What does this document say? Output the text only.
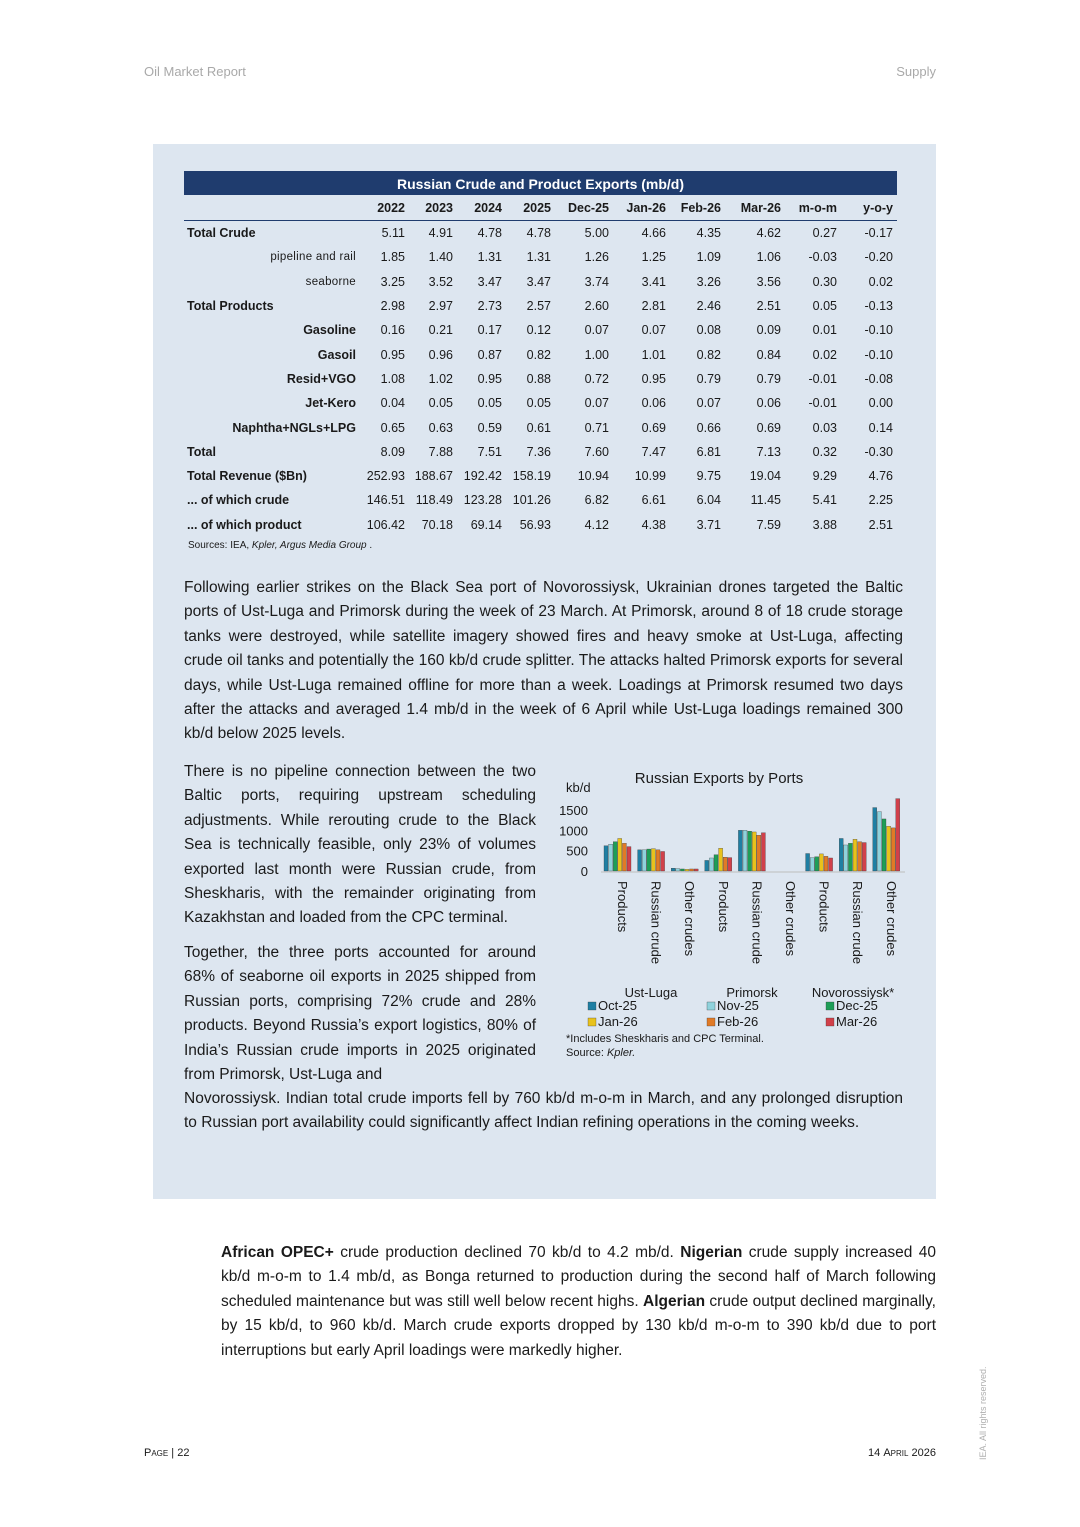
Oil Market Report	Supply
Russian Crude and Product Exports (mb/d)
	2022	2023	2024	2025	Dec-25	Jan-26	Feb-26	Mar-26	m-o-m	y-o-y
Total Crude	5.11	4.91	4.78	4.78	5.00	4.66	4.35	4.62	0.27	-0.17
pipeline and rail	1.85	1.40	1.31	1.31	1.26	1.25	1.09	1.06	-0.03	-0.20
seaborne	3.25	3.52	3.47	3.47	3.74	3.41	3.26	3.56	0.30	0.02
Total Products	2.98	2.97	2.73	2.57	2.60	2.81	2.46	2.51	0.05	-0.13
Gasoline	0.16	0.21	0.17	0.12	0.07	0.07	0.08	0.09	0.01	-0.10
Gasoil	0.95	0.96	0.87	0.82	1.00	1.01	0.82	0.84	0.02	-0.10
Resid+VGO	1.08	1.02	0.95	0.88	0.72	0.95	0.79	0.79	-0.01	-0.08
Jet-Kero	0.04	0.05	0.05	0.05	0.07	0.06	0.07	0.06	-0.01	0.00
Naphtha+NGLs+LPG	0.65	0.63	0.59	0.61	0.71	0.69	0.66	0.69	0.03	0.14
Total	8.09	7.88	7.51	7.36	7.60	7.47	6.81	7.13	0.32	-0.30
Total Revenue ($Bn)	252.93	188.67	192.42	158.19	10.94	10.99	9.75	19.04	9.29	4.76
... of which crude	146.51	118.49	123.28	101.26	6.82	6.61	6.04	11.45	5.41	2.25
... of which product	106.42	70.18	69.14	56.93	4.12	4.38	3.71	7.59	3.88	2.51
Sources: IEA, Kpler, Argus Media Group .

Following earlier strikes on the Black Sea port of Novorossiysk, Ukrainian drones targeted the Baltic ports of Ust-Luga and Primorsk during the week of 23 March. At Primorsk, around 8 of 18 crude storage tanks were destroyed, while satellite imagery showed fires and heavy smoke at Ust-Luga, affecting crude oil tanks and potentially the 160 kb/d crude splitter. The attacks halted Primorsk exports for several days, while Ust-Luga remained offline for more than a week. Loadings at Primorsk resumed two days after the attacks and averaged 1.4 mb/d in the week of 6 April while Ust-Luga loadings remained 300 kb/d below 2025 levels.

There is no pipeline connection between the two Baltic ports, requiring upstream scheduling adjustments. While rerouting crude to the Black Sea is technically feasible, only 23% of volumes exported last month were Russian crude, from Sheskharis, with the remainder originating from Kazakhstan and loaded from the CPC terminal.

Together, the three ports accounted for around 68% of seaborne oil exports in 2025 shipped from Russian ports, comprising 72% crude and 28% products. Beyond Russia’s export logistics, 80% of India’s Russian crude imports in 2025 originated from Primorsk, Ust-Luga and

Novorossiysk. Indian total crude imports fell by 760 kb/d m-o-m in March, and any prolonged disruption to Russian port availability could significantly affect Indian refining operations in the coming weeks.

Russian Exports by Ports
kb/d
0
500
1000
1500
Products Russian crude Other crudes Products Russian crude Other crudes Products Russian crude Other crudes
Ust-Luga	Primorsk	Novorossiysk*
Oct-25	Nov-25	Dec-25
Jan-26	Feb-26	Mar-26
*Includes Sheskharis and CPC Terminal.
Source: Kpler.

African OPEC+ crude production declined 70 kb/d to 4.2 mb/d. Nigerian crude supply increased 40 kb/d m-o-m to 1.4 mb/d, as Bonga returned to production during the second half of March following scheduled maintenance but was still well below recent highs. Algerian crude output declined marginally, by 15 kb/d, to 960 kb/d. March crude exports dropped by 130 kb/d m-o-m to 390 kb/d due to port interruptions but early April loadings were markedly higher.

Page | 22	14 April 2026	IEA. All rights reserved.
